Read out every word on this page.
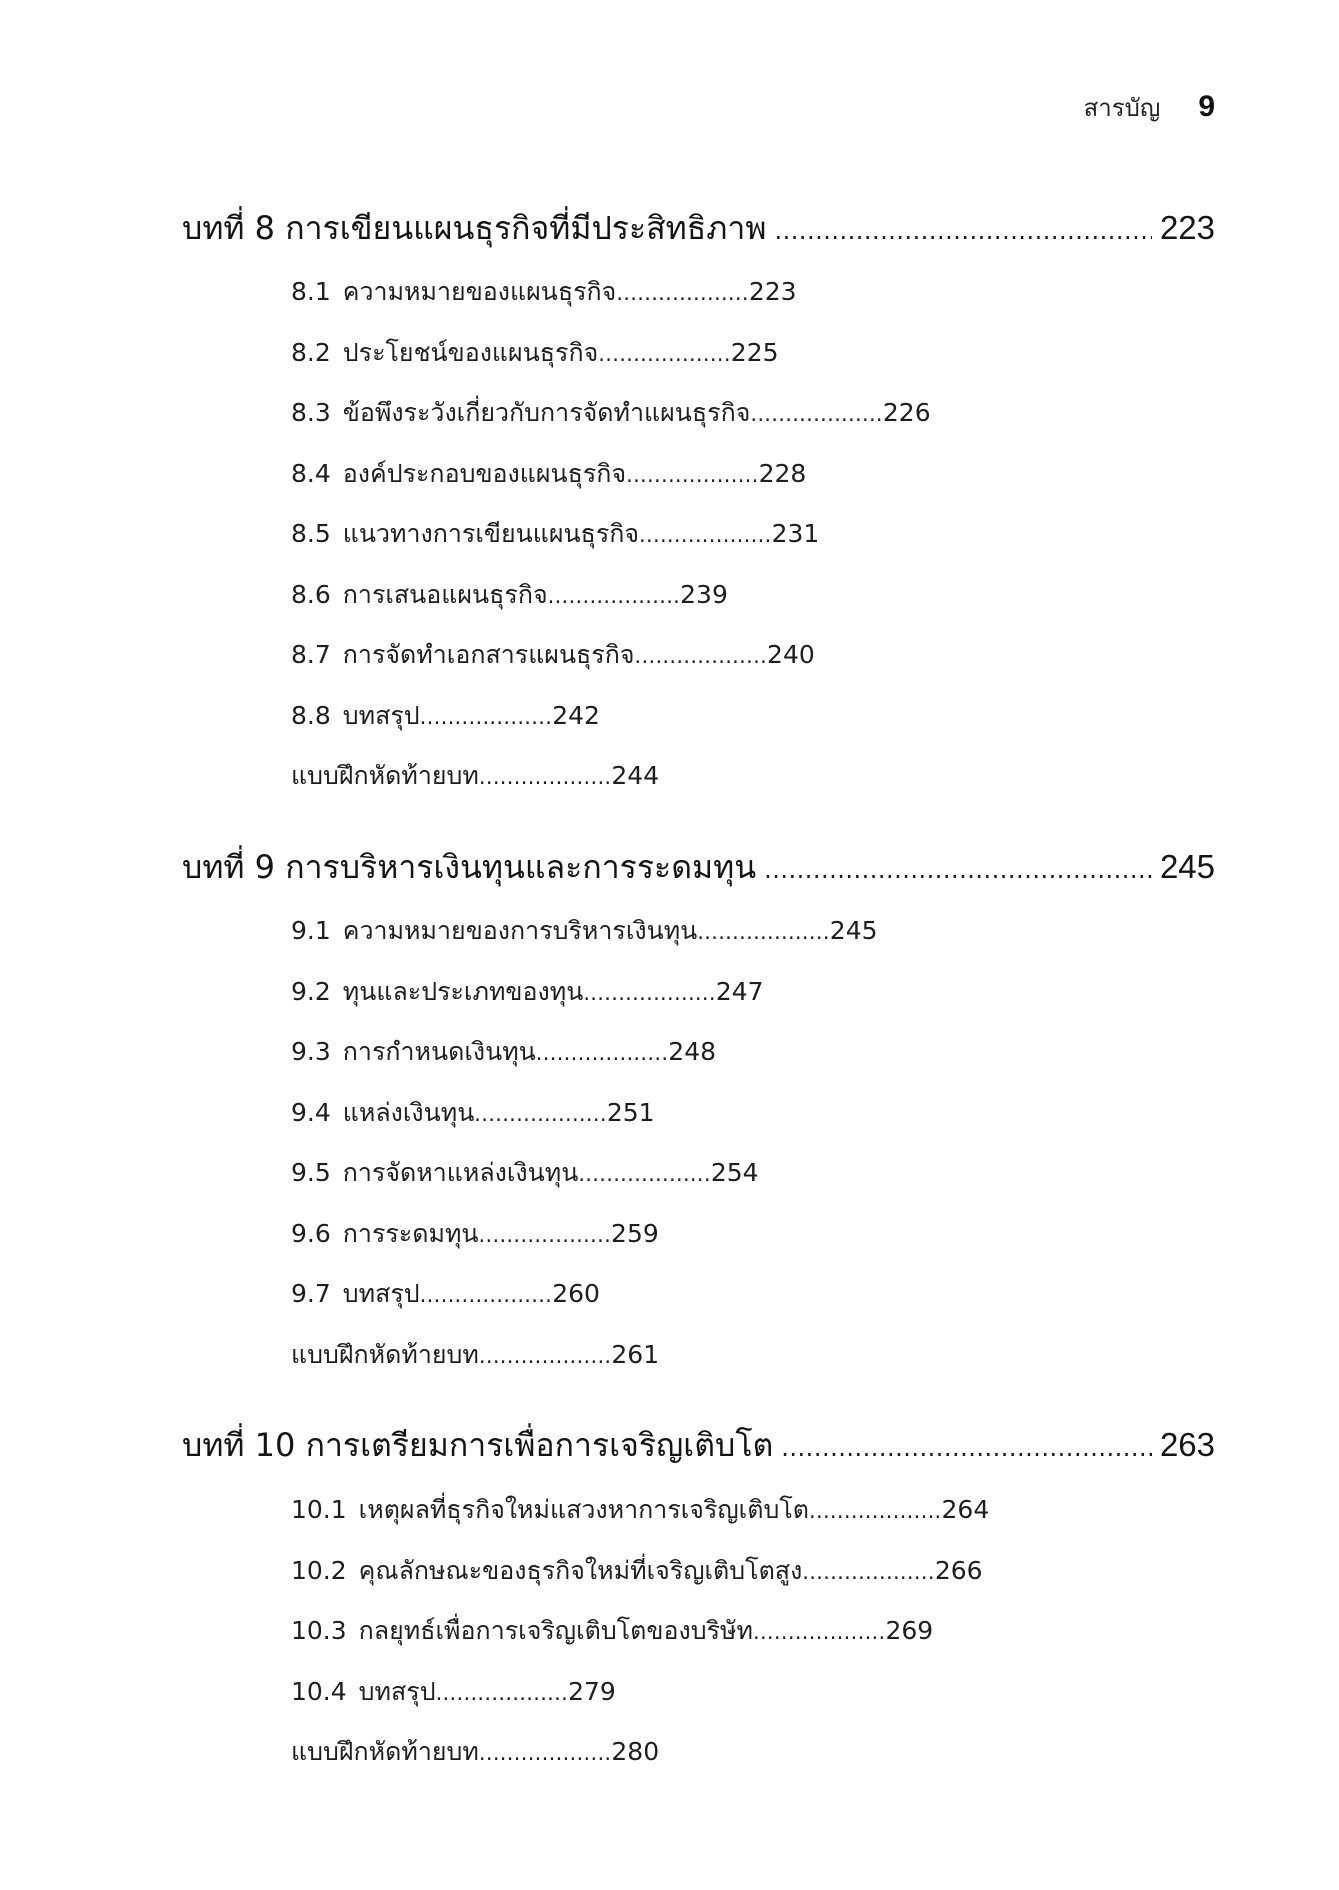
สารบัญ 9
บทที่ 8 การเขียนแผนธุรกิจที่มีประสิทธิภาพ .....	223
8.1 ความหมายของแผนธุรกิจ...................223
8.2 ประโยชน์ของแผนธุรกิจ...................225
8.3 ข้อพึงระวังเกี่ยวกับการจัดทำแผนธุรกิจ...................226
8.4 องค์ประกอบของแผนธุรกิจ...................228
8.5 แนวทางการเขียนแผนธุรกิจ...................231
8.6 การเสนอแผนธุรกิจ...................239
8.7 การจัดทำเอกสารแผนธุรกิจ...................240
8.8 บทสรุป...................242
แบบฝึกหัดท้ายบท...................244
บทที่ 9 การบริหารเงินทุนและการระดมทุน .....	245
9.1 ความหมายของการบริหารเงินทุน...................245
9.2 ทุนและประเภทของทุน...................247
9.3 การกำหนดเงินทุน...................248
9.4 แหล่งเงินทุน...................251
9.5 การจัดหาแหล่งเงินทุน...................254
9.6 การระดมทุน...................259
9.7 บทสรุป...................260
แบบฝึกหัดท้ายบท...................261
บทที่ 10 การเตรียมการเพื่อการเจริญเติบโต .....	263
10.1 เหตุผลที่ธุรกิจใหม่แสวงหาการเจริญเติบโต...................264
10.2 คุณลักษณะของธุรกิจใหม่ที่เจริญเติบโตสูง...................266
10.3 กลยุทธ์เพื่อการเจริญเติบโตของบริษัท...................269
10.4 บทสรุป...................279
แบบฝึกหัดท้ายบท...................280
